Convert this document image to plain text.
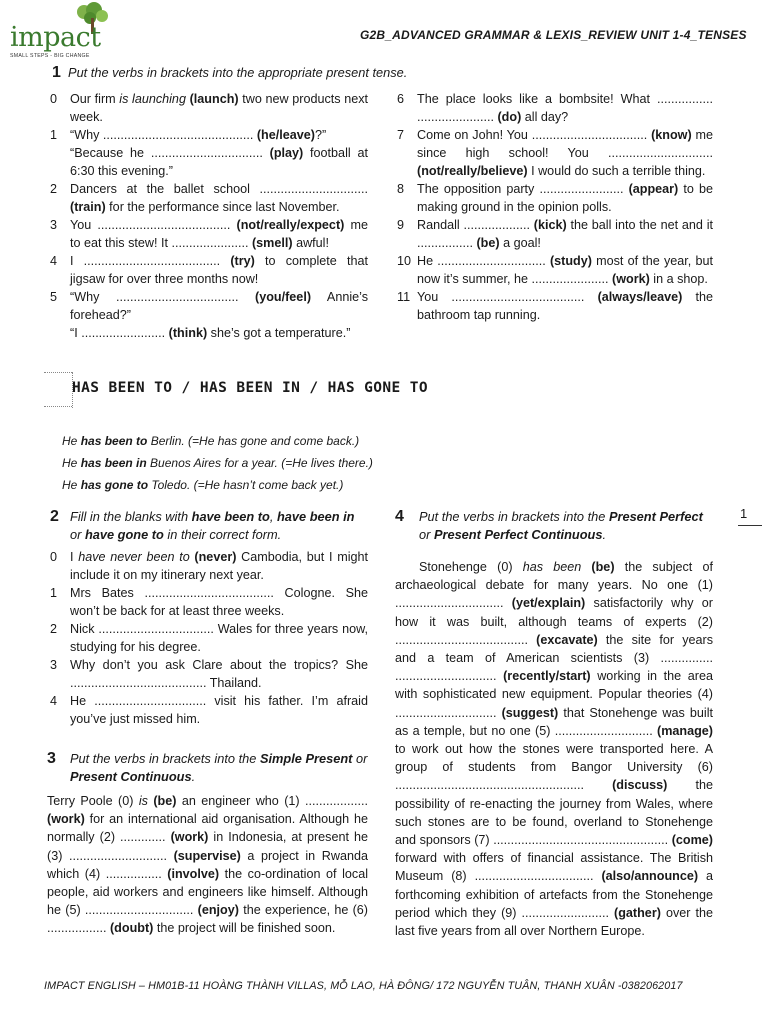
impact
SMALL STEPS - BIG CHANGE
G2B_ADVANCED GRAMMAR & LEXIS_REVIEW UNIT 1-4_TENSES
1 Put the verbs in brackets into the appropriate present tense.
0	Our firm is launching (launch) two new products next week.
1	“Why ........................................... (he/leave)?”
“Because he ................................ (play) football at 6:30 this evening.”
2	Dancers at the ballet school ............................... (train) for the performance since last November.
3	You ...................................... (not/really/expect) me to eat this stew! It ...................... (smell) awful!
4	I ....................................... (try) to complete that jigsaw for over three months now!
5	“Why ................................... (you/feel) Annie’s forehead?”
“I ........................ (think) she’s got a temperature.”
6	The place looks like a bombsite! What ................ ...................... (do) all day?
7	Come on John! You ................................. (know) me since high school! You .............................. (not/really/believe) I would do such a terrible thing.
8	The opposition party ........................ (appear) to be making ground in the opinion polls.
9	Randall ................... (kick) the ball into the net and it ................ (be) a goal!
10 He ............................... (study) most of the year, but now it’s summer, he ...................... (work) in a shop.
11 You ...................................... (always/leave) the bathroom tap running.
HAS BEEN TO / HAS BEEN IN / HAS GONE TO
He has been to Berlin. (=He has gone and come back.)
He has been in Buenos Aires for a year. (=He lives there.)
He has gone to Toledo. (=He hasn’t come back yet.)
2 Fill in the blanks with have been to, have been in or have gone to in their correct form.
0	I have never been to (never) Cambodia, but I might include it on my itinerary next year.
1	Mrs Bates ..................................... Cologne. She won’t be back for at least three weeks.
2	Nick ................................. Wales for three years now, studying for his degree.
3	Why don’t you ask Clare about the tropics? She ....................................... Thailand.
4	He ................................ visit his father. I’m afraid you’ve just missed him.
3	Put the verbs in brackets into the Simple Present or Present Continuous.
Terry Poole (0) is (be) an engineer who (1) .................. (work) for an international aid organisation. Although he normally (2) ............. (work) in Indonesia, at present he (3) ............................ (supervise) a project in Rwanda which (4) ................ (involve) the co-ordination of local people, aid workers and engineers like himself. Although he (5) ............................... (enjoy) the experience, he (6) ................. (doubt) the project will be finished soon.
4	Put the verbs in brackets into the Present Perfect or Present Perfect Continuous.
Stonehenge (0) has been (be) the subject of archaeological debate for many years. No one (1) ............................... (yet/explain) satisfactorily why or how it was built, although teams of experts (2) ...................................... (excavate) the site for years and a team of American scientists (3) ............... ............................. (recently/start) working in the area with sophisticated new equipment. Popular theories (4) ............................. (suggest) that Stonehenge was built as a temple, but no one (5) ............................ (manage) to work out how the stones were transported here. A group of students from Bangor University (6) ...................................................... (discuss) the possibility of re-enacting the journey from Wales, where such stones are to be found, overland to Stonehenge and sponsors (7) .................................................. (come) forward with offers of financial assistance. The British Museum (8) .................................. (also/announce) a forthcoming exhibition of artefacts from the Stonehenge period which they (9) ......................... (gather) over the last five years from all over Northern Europe.
1
IMPACT ENGLISH – HM01B-11 HOÀNG THÀNH VILLAS, MỖ LAO, HÀ ĐÔNG/ 172 NGUYỄN TUÂN, THANH XUÂN -0382062017
